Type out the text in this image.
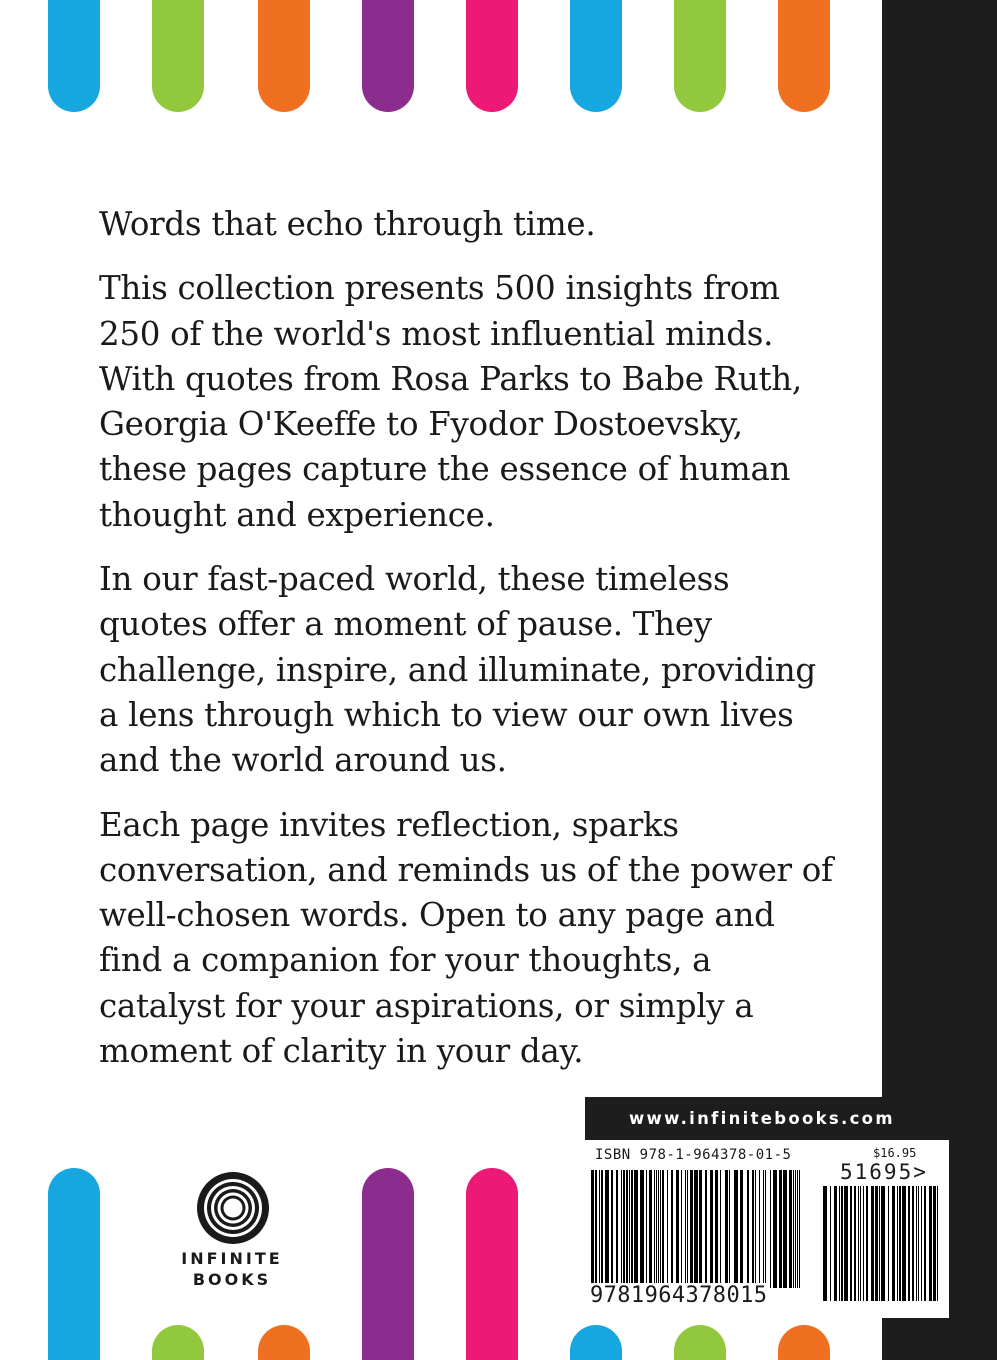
Words that echo through time.

This collection presents 500 insights from 250 of the world's most influential minds. With quotes from Rosa Parks to Babe Ruth, Georgia O'Keeffe to Fyodor Dostoevsky, these pages capture the essence of human thought and experience.

In our fast-paced world, these timeless quotes offer a moment of pause. They challenge, inspire, and illuminate, providing a lens through which to view our own lives and the world around us.

Each page invites reflection, sparks conversation, and reminds us of the power of well-chosen words. Open to any page and find a companion for your thoughts, a catalyst for your aspirations, or simply a moment of clarity in your day.

INFINITE
BOOKS
www.infinitebooks.com
ISBN 978-1-964378-01-5	$16.95
51695>
9781964378015
